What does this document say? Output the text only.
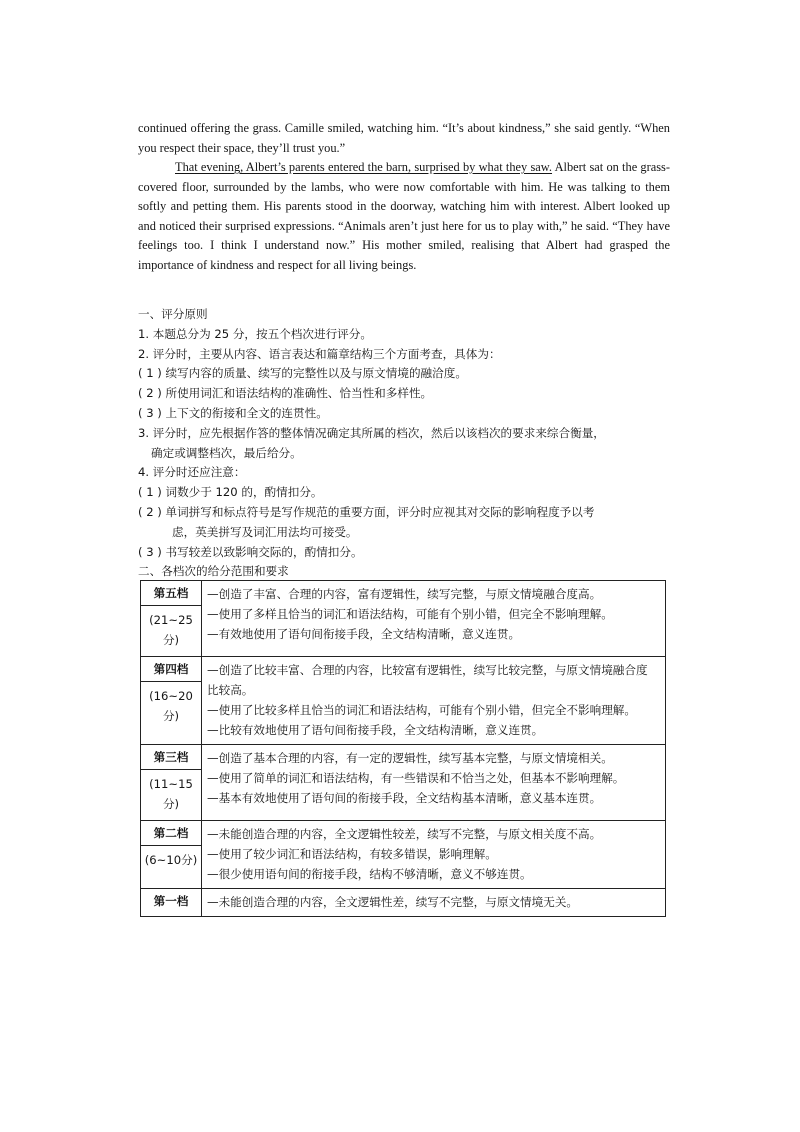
continued offering the grass. Camille smiled, watching him. “It’s about kindness,” she said gently. “When you respect their space, they’ll trust you.”

That evening, Albert’s parents entered the barn, surprised by what they saw. Albert sat on the grass-covered floor, surrounded by the lambs, who were now comfortable with him. He was talking to them softly and petting them. His parents stood in the doorway, watching him with interest. Albert looked up and noticed their surprised expressions. “Animals aren’t just here for us to play with,” he said. “They have feelings too. I think I understand now.” His mother smiled, realising that Albert had grasped the importance of kindness and respect for all living beings.

一、评分原则
1. 本题总分为 25 分，按五个档次进行评分。
2. 评分时，主要从内容、语言表达和篇章结构三个方面考查，具体为：
( 1 ) 续写内容的质量、续写的完整性以及与原文情境的融洽度。
( 2 ) 所使用词汇和语法结构的准确性、恰当性和多样性。
( 3 ) 上下文的衔接和全文的连贯性。
3. 评分时，应先根据作答的整体情况确定其所属的档次，然后以该档次的要求来综合衡量，
确定或调整档次，最后给分。
4. 评分时还应注意：
( 1 ) 词数少于 120 的，酌情扣分。
( 2 ) 单词拼写和标点符号是写作规范的重要方面，评分时应视其对交际的影响程度予以考
虑，英美拼写及词汇用法均可接受。
( 3 ) 书写较差以致影响交际的，酌情扣分。
二、各档次的给分范围和要求
第五档
(21~25分)	—创造了丰富、合理的内容，富有逻辑性，续写完整，与原文情境融合度高。
—使用了多样且恰当的词汇和语法结构，可能有个别小错，但完全不影响理解。
—有效地使用了语句间衔接手段，全文结构清晰，意义连贯。

第四档
(16~20分)	—创造了比较丰富、合理的内容，比较富有逻辑性，续写比较完整，与原文情境融合度比较高。
—使用了比较多样且恰当的词汇和语法结构，可能有个别小错，但完全不影响理解。
—比较有效地使用了语句间衔接手段，全文结构清晰，意义连贯。

第三档
(11~15分)	—创造了基本合理的内容，有一定的逻辑性，续写基本完整，与原文情境相关。
—使用了简单的词汇和语法结构，有一些错误和不恰当之处，但基本不影响理解。
—基本有效地使用了语句间的衔接手段，全文结构基本清晰，意义基本连贯。

第二档
(6~10分)	—未能创造合理的内容，全文逻辑性较差，续写不完整，与原文相关度不高。
—使用了较少词汇和语法结构，有较多错误，影响理解。
—很少使用语句间的衔接手段，结构不够清晰，意义不够连贯。

第一档	—未能创造合理的内容，全文逻辑性差，续写不完整，与原文情境无关。
